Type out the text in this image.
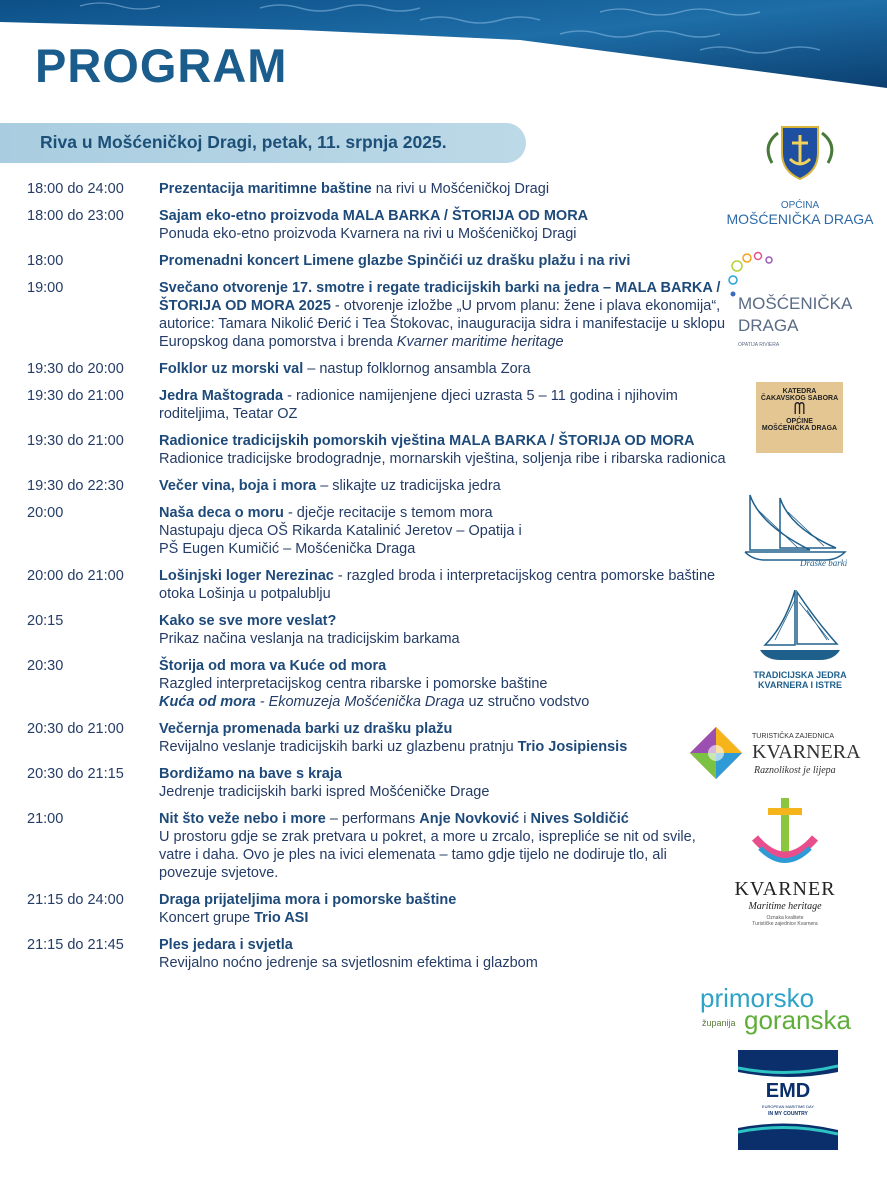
PROGRAM
Riva u Mošćeničkoj Dragi, petak, 11. srpnja 2025.
18:00 do 24:00	Prezentacija maritimne baštine na rivi u Mošćeničkoj Dragi
18:00 do 23:00	Sajam eko-etno proizvoda MALA BARKA / ŠTORIJA OD MORA
Ponuda eko-etno proizvoda Kvarnera na rivi u Mošćeničkoj Dragi
18:00	Promenadni koncert Limene glazbe Spinčići uz drašku plažu i na rivi
19:00	Svečano otvorenje 17. smotre i regate tradicijskih barki na jedra – MALA BARKA / ŠTORIJA OD MORA 2025 - otvorenje izložbe „U prvom planu: žene i plava ekonomija“, autorice: Tamara Nikolić Đerić i Tea Štokovac, inauguracija sidra i manifestacije u sklopu Europskog dana pomorstva i brenda Kvarner maritime heritage
19:30 do 20:00	Folklor uz morski val – nastup folklornog ansambla Zora
19:30 do 21:00	Jedra Maštograda - radionice namijenjene djeci uzrasta 5 – 11 godina i njihovim roditeljima, Teatar OZ
19:30 do 21:00	Radionice tradicijskih pomorskih vještina MALA BARKA / ŠTORIJA OD MORA
Radionice tradicijske brodogradnje, mornarskih vještina, soljenja ribe i ribarska radionica
19:30 do 22:30	Večer vina, boja i mora – slikajte uz tradicijska jedra
20:00	Naša deca o moru - dječje recitacije s temom mora
Nastupaju djeca OŠ Rikarda Katalinić Jeretov – Opatija i
PŠ Eugen Kumičić – Mošćenička Draga
20:00 do 21:00	Lošinjski loger Nerezinac - razgled broda i interpretacijskog centra pomorske baštine otoka Lošinja u potpalublju
20:15	Kako se sve more veslat?
Prikaz načina veslanja na tradicijskim barkama
20:30	Štorija od mora va Kuće od mora
Razgled interpretacijskog centra ribarske i pomorske baštine
Kuća od mora - Ekomuzeja Mošćenička Draga uz stručno vodstvo
20:30 do 21:00	Večernja promenada barki uz drašku plažu
Revijalno veslanje tradicijskih barki uz glazbenu pratnju Trio Josipiensis
20:30 do 21:15	Bordižamo na bave s kraja
Jedrenje tradicijskih barki ispred Mošćeničke Drage
21:00	Nit što veže nebo i more – performans Anje Novković i Nives Soldičić
U prostoru gdje se zrak pretvara u pokret, a more u zrcalo, isprepliće se nit od svile, vatre i daha. Ovo je ples na ivici elemenata – tamo gdje tijelo ne dodiruje tlo, ali povezuje svjetove.
21:15 do 24:00	Draga prijateljima mora i pomorske baštine
Koncert grupe Trio ASI
21:15 do 21:45	Ples jedara i svjetla
Revijalno noćno jedrenje sa svjetlosnim efektima i glazbom
OPĆINA
MOŠĆENIČKA DRAGA
MOŠĆENIČKA
DRAGA
OPATIJA RIVIERA
KATEDRA
ČAKAVSKOG SABORA
ᗰ
OPĆINE
MOŠĆENIČKA DRAGA
Draške barki
TRADICIJSKA JEDRA
KVARNERA I ISTRE
TURISTIČKA ZAJEDNICA
KVARNERA
Raznolikost je lijepa
KVARNER
Maritime heritage
Oznaka kvalitete
Turističke zajednice Kvarnera
primorsko
županija goranska
EMD
EUROPEAN MARITIME DAY
IN MY COUNTRY
